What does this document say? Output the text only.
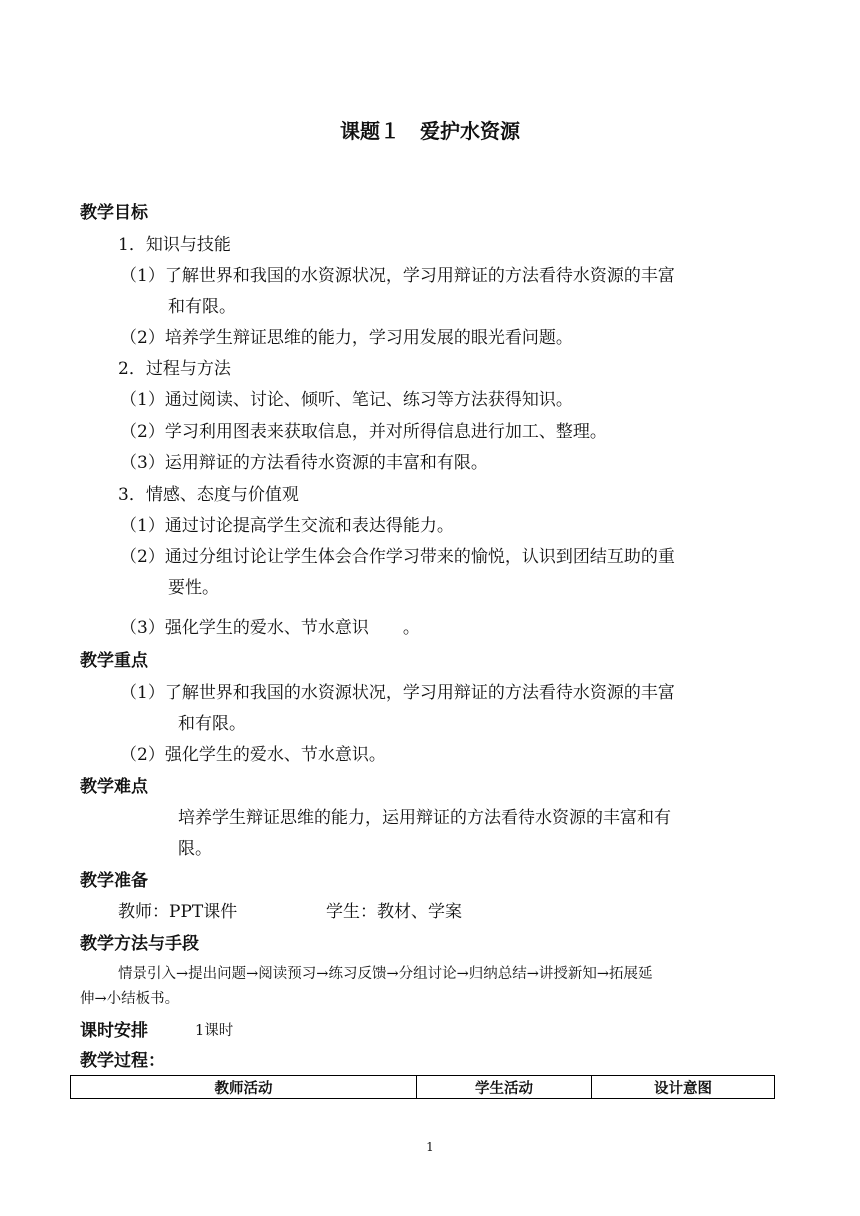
课题１　爱护水资源
教学目标
1．知识与技能
（1）了解世界和我国的水资源状况，学习用辩证的方法看待水资源的丰富
和有限。
（2）培养学生辩证思维的能力，学习用发展的眼光看问题。
2．过程与方法
（1）通过阅读、讨论、倾听、笔记、练习等方法获得知识。
（2）学习利用图表来获取信息，并对所得信息进行加工、整理。
（3）运用辩证的方法看待水资源的丰富和有限。
3．情感、态度与价值观
（1）通过讨论提高学生交流和表达得能力。
（2）通过分组讨论让学生体会合作学习带来的愉悦，认识到团结互助的重
要性。
（3）强化学生的爱水、节水意识　　。
教学重点
（1）了解世界和我国的水资源状况，学习用辩证的方法看待水资源的丰富
和有限。
（2）强化学生的爱水、节水意识。
教学难点
培养学生辩证思维的能力，运用辩证的方法看待水资源的丰富和有
限。
教学准备
教师：PPT课件	学生：教材、学案
教学方法与手段
情景引入→提出问题→阅读预习→练习反馈→分组讨论→归纳总结→讲授新知→拓展延
伸→小结板书。
课时安排	1课时
教学过程：
教师活动	学生活动	设计意图
1
